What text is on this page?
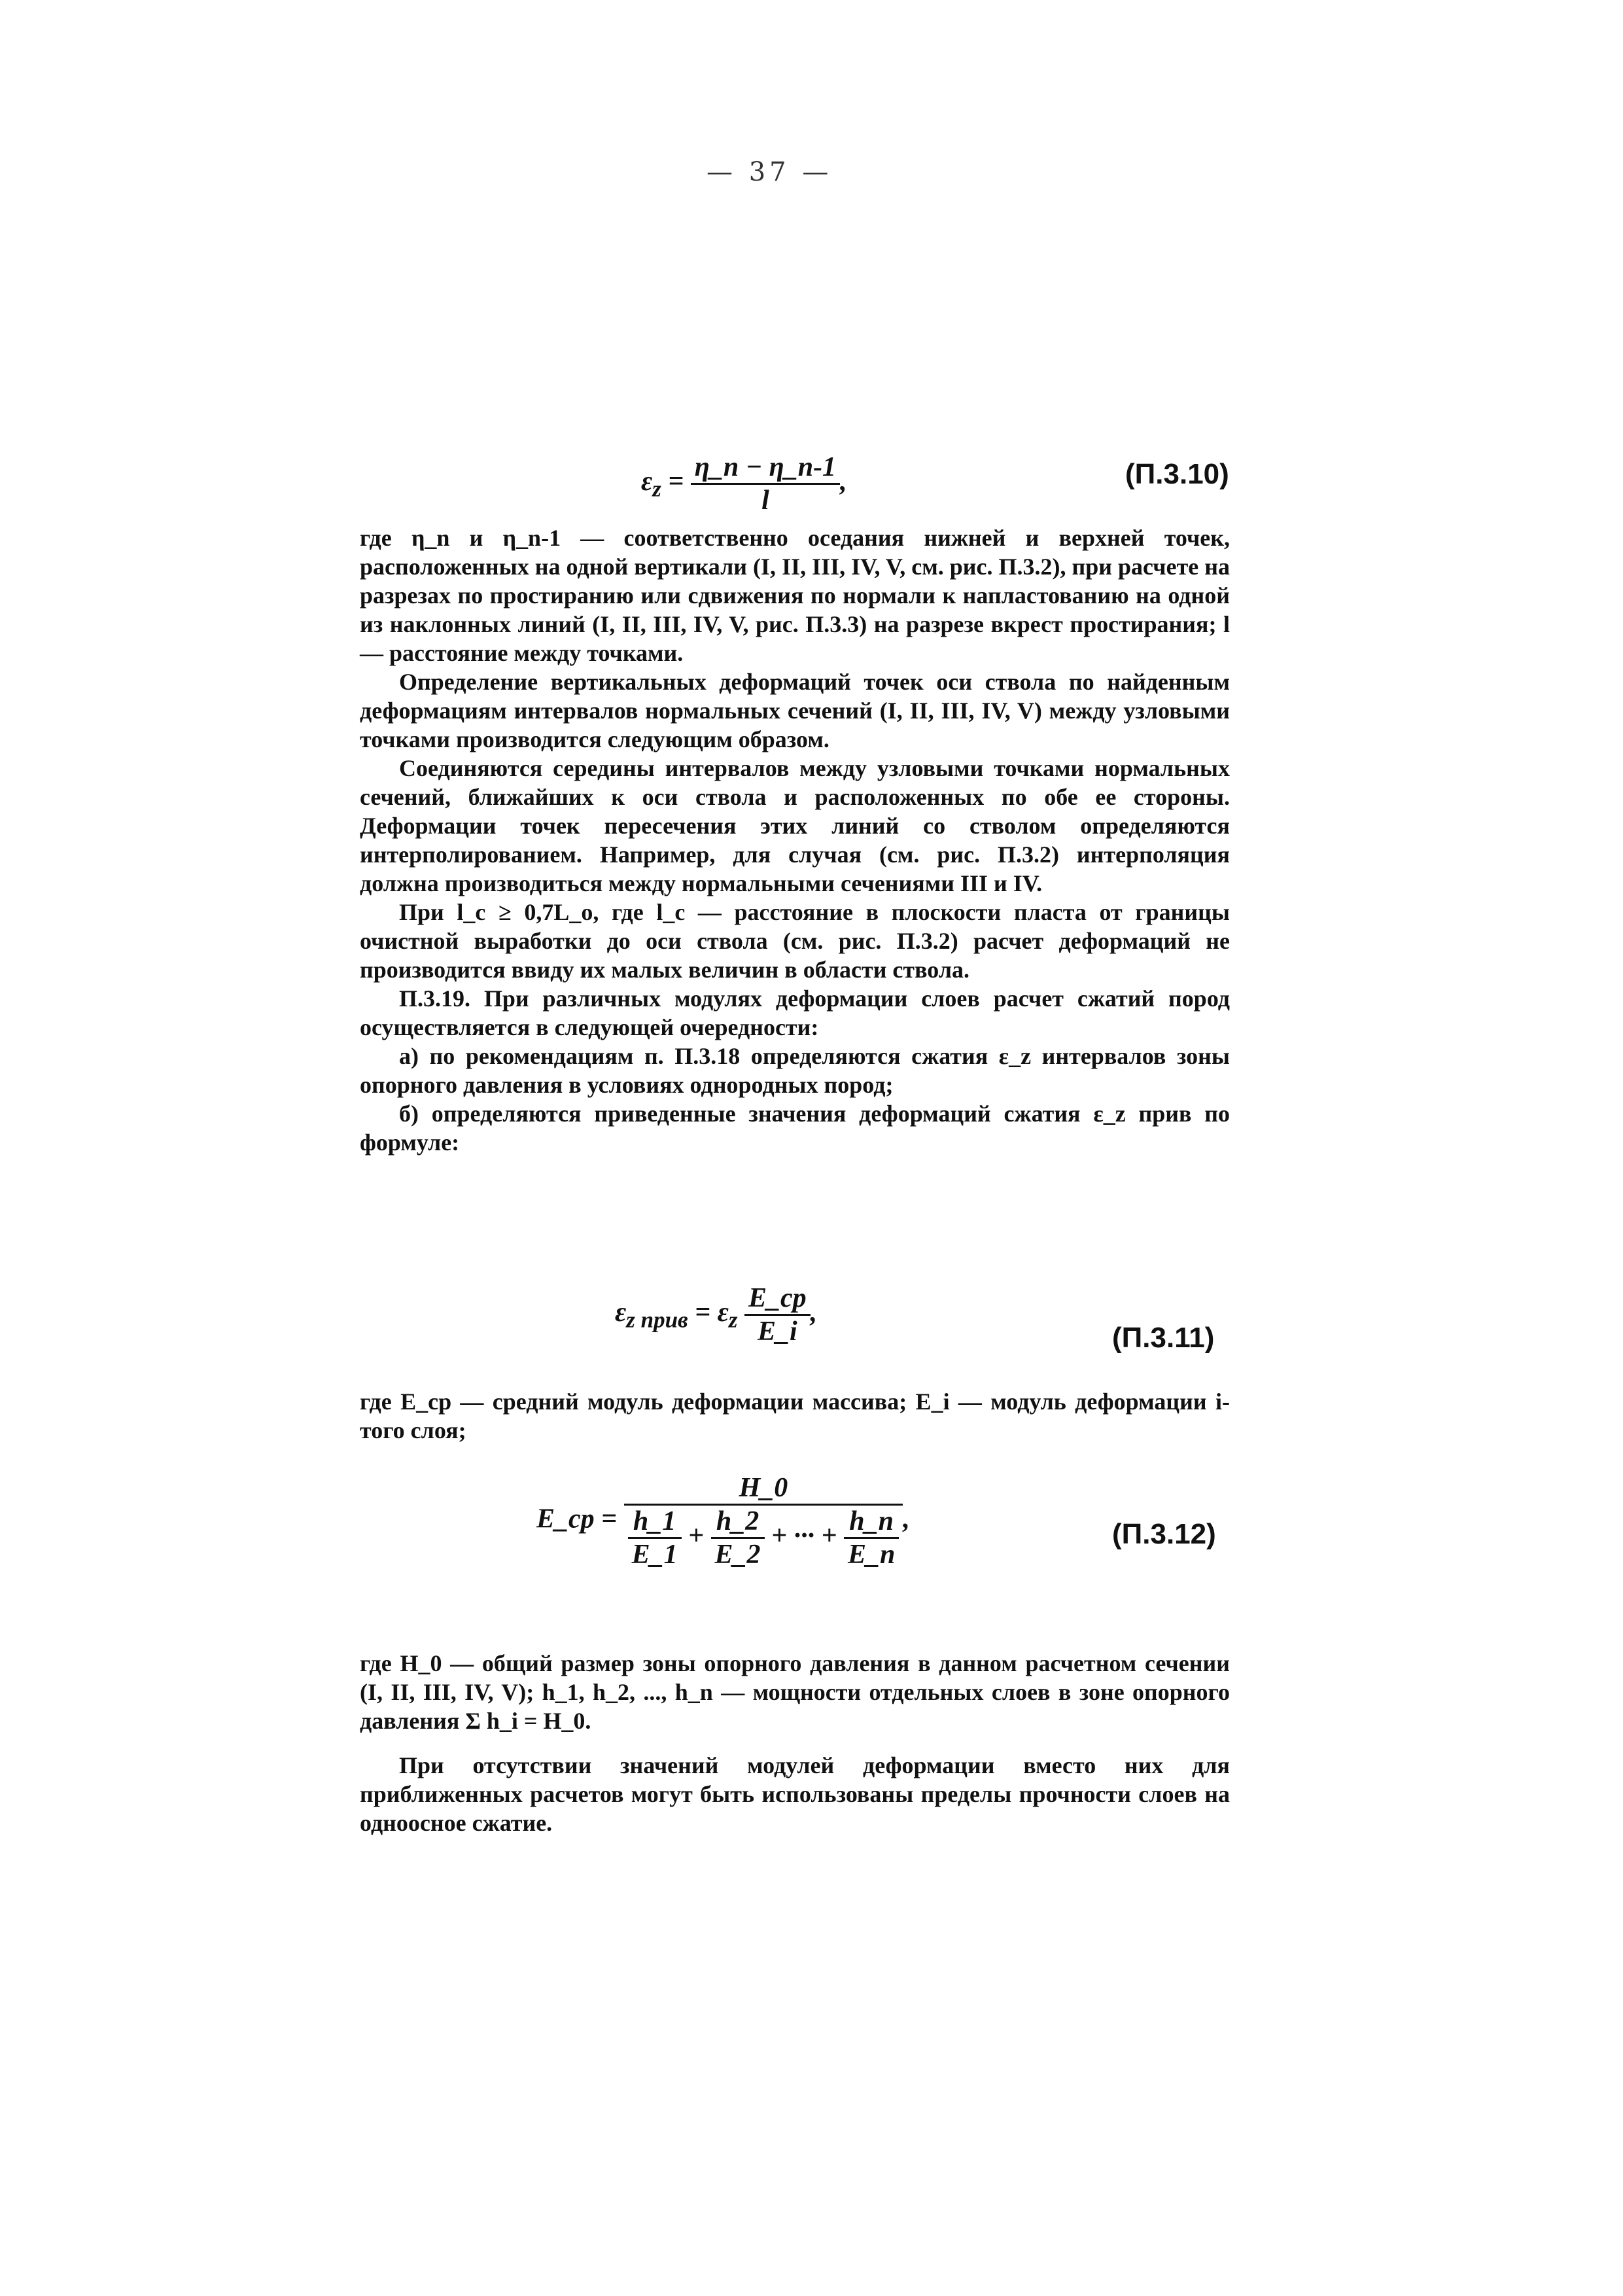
— 37 —
$\varepsilon_z = \frac{\eta\_n - \eta\_n-1}{l}$ ,	(П.3.10)

где η_n и η_n-1 — соответственно оседания нижней и верхней точек, расположенных на одной вертикали (I, II, III, IV, V, см. рис. П.3.2), при расчете на разрезах по простиранию или сдвижения по нормали к напластованию на одной из наклонных линий (I, II, III, IV, V, рис. П.3.3) на разрезе вкрест простирания; l — расстояние между точками.

Определение вертикальных деформаций точек оси ствола по найденным деформациям интервалов нормальных сечений (I, II, III, IV, V) между узловыми точками производится следующим образом.

Соединяются середины интервалов между узловыми точками нормальных сечений, ближайших к оси ствола и расположенных по обе ее стороны. Деформации точек пересечения этих линий со стволом определяются интерполированием. Например, для случая (см. рис. П.3.2) интерполяция должна производиться между нормальными сечениями III и IV.

При l_c ≥ 0,7L_o, где l_c — расстояние в плоскости пласта от границы очистной выработки до оси ствола (см. рис. П.3.2) расчет деформаций не производится ввиду их малых величин в области ствола.

П.3.19. При различных модулях деформации слоев расчет сжатий пород осуществляется в следующей очередности:

а) по рекомендациям п. П.3.18 определяются сжатия ε_z интервалов зоны опорного давления в условиях однородных пород;

б) определяются приведенные значения деформаций сжатия ε_z прив по формуле:

$\varepsilon_{z прив} = \varepsilon_z \frac{E\_ср}{E\_i}$ ,
(П.3.11)

где E_ср — средний модуль деформации массива; E_i — модуль деформации i-того слоя;

E_ср =
H_0
$\frac{h\_1}{E\_1} + \frac{h\_2}{E\_2}$ + ··· + $\frac{h\_n}{E\_n}$ ,	(П.3.12)

где H_0 — общий размер зоны опорного давления в данном расчетном сечении (I, II, III, IV, V); h_1, h_2, ..., h_n — мощности отдельных слоев в зоне опорного давления Σ h_i = H_0.

При отсутствии значений модулей деформации вместо них для приближенных расчетов могут быть использованы пределы прочности слоев на одноосное сжатие.
